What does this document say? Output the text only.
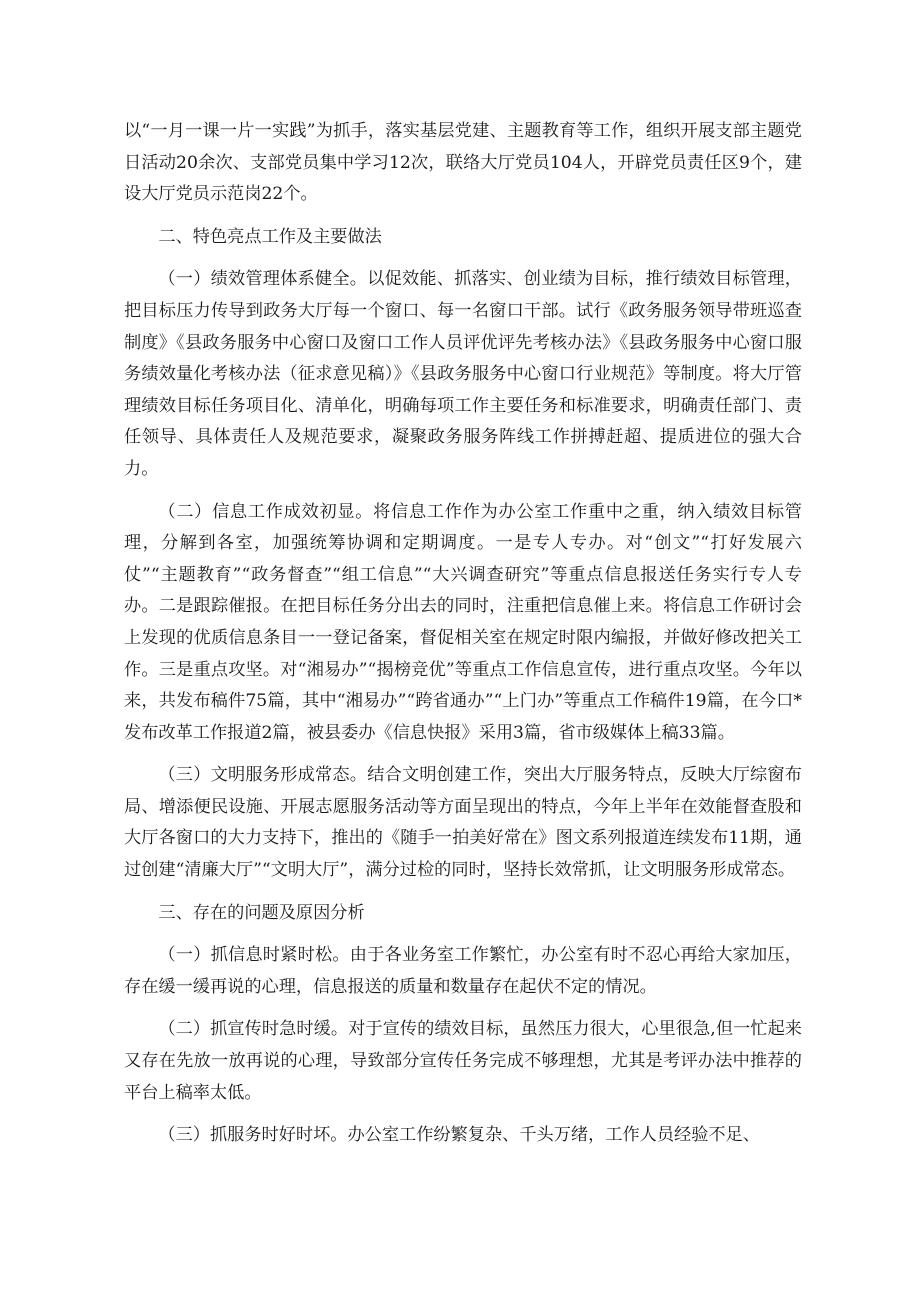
以“一月一课一片一实践”为抓手，落实基层党建、主题教育等工作，组织开展支部主题党日活动20余次、支部党员集中学习12次，联络大厅党员104人，开辟党员责任区9个，建设大厅党员示范岗22个。

二、特色亮点工作及主要做法

（一）绩效管理体系健全。以促效能、抓落实、创业绩为目标，推行绩效目标管理，把目标压力传导到政务大厅每一个窗口、每一名窗口干部。试行《政务服务领导带班巡查制度》《县政务服务中心窗口及窗口工作人员评优评先考核办法》《县政务服务中心窗口服务绩效量化考核办法（征求意见稿）》《县政务服务中心窗口行业规范》等制度。将大厅管理绩效目标任务项目化、清单化，明确每项工作主要任务和标准要求，明确责任部门、责任领导、具体责任人及规范要求，凝聚政务服务阵线工作拼搏赶超、提质进位的强大合力。

（二）信息工作成效初显。将信息工作作为办公室工作重中之重，纳入绩效目标管理，分解到各室，加强统筹协调和定期调度。一是专人专办。对“创文”“打好发展六仗”“主题教育”“政务督查”“组工信息”“大兴调查研究”等重点信息报送任务实行专人专办。二是跟踪催报。在把目标任务分出去的同时，注重把信息催上来。将信息工作研讨会上发现的优质信息条目一一登记备案，督促相关室在规定时限内编报，并做好修改把关工作。三是重点攻坚。对“湘易办”“揭榜竞优”等重点工作信息宣传，进行重点攻坚。今年以来，共发布稿件75篇，其中“湘易办”“跨省通办”“上门办”等重点工作稿件19篇，在今口*发布改革工作报道2篇，被县委办《信息快报》采用3篇，省市级媒体上稿33篇。

（三）文明服务形成常态。结合文明创建工作，突出大厅服务特点，反映大厅综窗布局、增添便民设施、开展志愿服务活动等方面呈现出的特点，今年上半年在效能督查股和大厅各窗口的大力支持下，推出的《随手一拍美好常在》图文系列报道连续发布11期，通过创建“清廉大厅”“文明大厅”，满分过检的同时，坚持长效常抓，让文明服务形成常态。

三、存在的问题及原因分析

（一）抓信息时紧时松。由于各业务室工作繁忙，办公室有时不忍心再给大家加压，存在缓一缓再说的心理，信息报送的质量和数量存在起伏不定的情况。

（二）抓宣传时急时缓。对于宣传的绩效目标，虽然压力很大，心里很急,但一忙起来又存在先放一放再说的心理，导致部分宣传任务完成不够理想，尤其是考评办法中推荐的平台上稿率太低。

（三）抓服务时好时坏。办公室工作纷繁复杂、千头万绪，工作人员经验不足、
